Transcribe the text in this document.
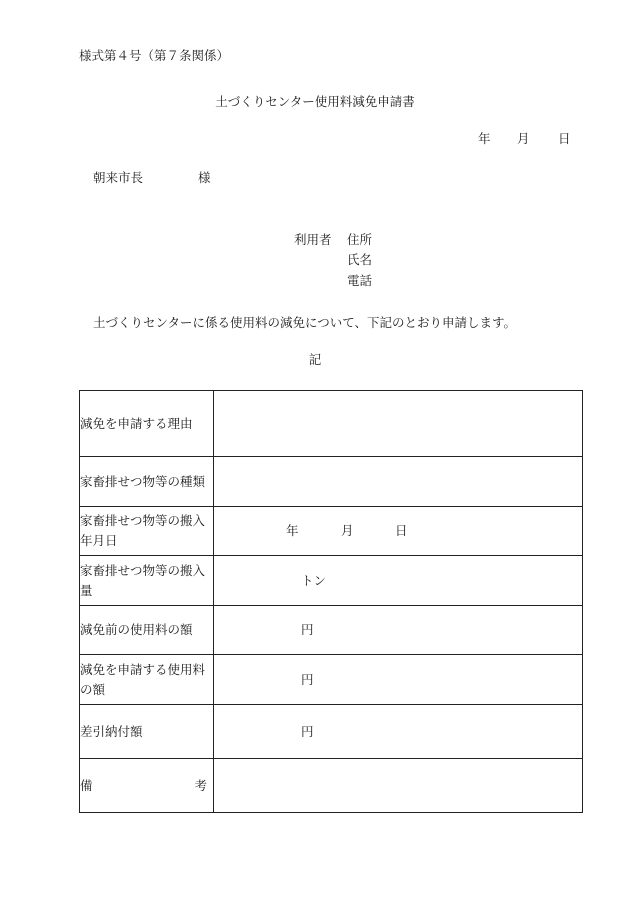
様式第４号（第７条関係）
土づくりセンター使用料減免申請書
年 月 日
朝来市長	様
利用者 住所
氏名
電話
土づくりセンターに係る使用料の減免について、下記のとおり申請します。
記
減免を申請する理由	

家畜排せつ物等の種類	

家畜排せつ物等の搬入年月日	年 月 日

家畜排せつ物等の搬入量	トン

減免前の使用料の額	円

減免を申請する使用料の額	円

差引納付額	円

備 考	
